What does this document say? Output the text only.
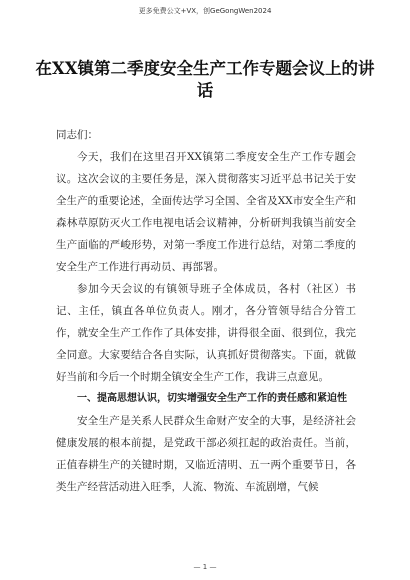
更多免费公文+VX，创GeGongWen2024
在XX镇第二季度安全生产工作专题会议上的讲话

同志们：

今天，我们在这里召开XX镇第二季度安全生产工作专题会议。这次会议的主要任务是，深入贯彻落实习近平总书记关于安全生产的重要论述，全面传达学习全国、全省及XX市安全生产和森林草原防灭火工作电视电话会议精神，分析研判我镇当前安全生产面临的严峻形势，对第一季度工作进行总结，对第二季度的安全生产工作进行再动员、再部署。

参加今天会议的有镇领导班子全体成员，各村（社区）书记、主任，镇直各单位负责人。刚才，各分管领导结合分管工作，就安全生产工作作了具体安排，讲得很全面、很到位，我完全同意。大家要结合各自实际，认真抓好贯彻落实。下面，就做好当前和今后一个时期全镇安全生产工作，我讲三点意见。

一、提高思想认识，切实增强安全生产工作的责任感和紧迫性

安全生产是关系人民群众生命财产安全的大事，是经济社会健康发展的根本前提，是党政干部必须扛起的政治责任。当前，正值春耕生产的关键时期，又临近清明、五一两个重要节日，各类生产经营活动进入旺季，人流、物流、车流剧增，气候

— 1 —
